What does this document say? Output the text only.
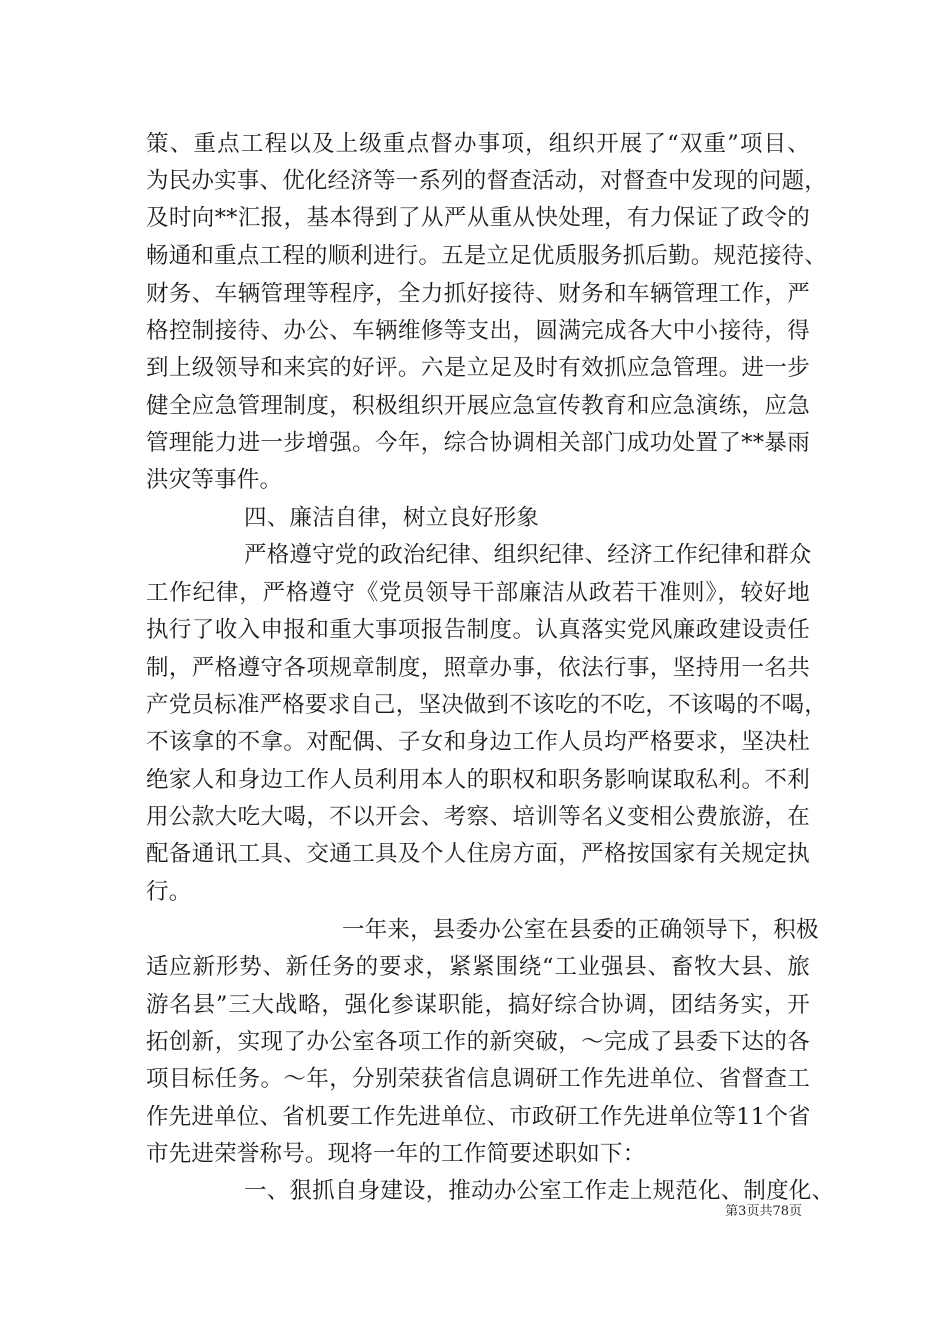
策、重点工程以及上级重点督办事项，组织开展了“双重”项目、
为民办实事、优化经济等一系列的督查活动，对督查中发现的问题，
及时向**汇报，基本得到了从严从重从快处理，有力保证了政令的
畅通和重点工程的顺利进行。五是立足优质服务抓后勤。规范接待、
财务、车辆管理等程序，全力抓好接待、财务和车辆管理工作，严
格控制接待、办公、车辆维修等支出，圆满完成各大中小接待，得
到上级领导和来宾的好评。六是立足及时有效抓应急管理。进一步
健全应急管理制度，积极组织开展应急宣传教育和应急演练，应急
管理能力进一步增强。今年，综合协调相关部门成功处置了**暴雨
洪灾等事件。
四、廉洁自律，树立良好形象
严格遵守党的政治纪律、组织纪律、经济工作纪律和群众
工作纪律，严格遵守《党员领导干部廉洁从政若干准则》，较好地
执行了收入申报和重大事项报告制度。认真落实党风廉政建设责任
制，严格遵守各项规章制度，照章办事，依法行事，坚持用一名共
产党员标准严格要求自己，坚决做到不该吃的不吃，不该喝的不喝，
不该拿的不拿。对配偶、子女和身边工作人员均严格要求，坚决杜
绝家人和身边工作人员利用本人的职权和职务影响谋取私利。不利
用公款大吃大喝，不以开会、考察、培训等名义变相公费旅游，在
配备通讯工具、交通工具及个人住房方面，严格按国家有关规定执
行。
一年来，县委办公室在县委的正确领导下，积极
适应新形势、新任务的要求，紧紧围绕“工业强县、畜牧大县、旅
游名县”三大战略，强化参谋职能，搞好综合协调，团结务实，开
拓创新，实现了办公室各项工作的新突破，～完成了县委下达的各
项目标任务。～年，分别荣获省信息调研工作先进单位、省督查工
作先进单位、省机要工作先进单位、市政研工作先进单位等11个省
市先进荣誉称号。现将一年的工作简要述职如下：
一、狠抓自身建设，推动办公室工作走上规范化、制度化、
第3页共78页
